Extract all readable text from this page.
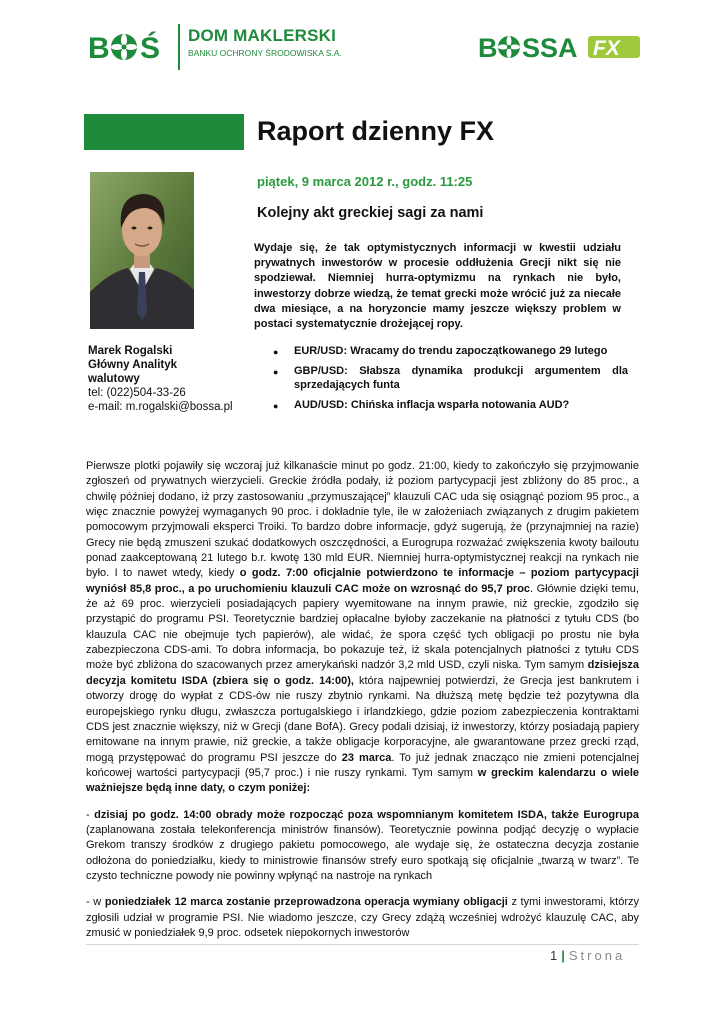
B Ś DOM MAKLERSKI
BANKU OCHRONY ŚRODOWISKA S.A.	B SSA FX
Raport dzienny FX
piątek, 9 marca 2012 r., godz. 11:25
Kolejny akt greckiej sagi za nami
Marek Rogalski
Główny Analityk
walutowy
tel: (022)504-33-26
e-mail: m.rogalski@bossa.pl
Wydaje się, że tak optymistycznych informacji w kwestii udziału prywatnych inwestorów w procesie oddłużenia Grecji nikt się nie spodziewał. Niemniej hurra-optymizmu na rynkach nie było, inwestorzy dobrze wiedzą, że temat grecki może wrócić już za niecałe dwa miesiące, a na horyzoncie mamy jeszcze większy problem w postaci systematycznie drożejącej ropy.
● EUR/USD: Wracamy do trendu zapoczątkowanego 29 lutego
● GBP/USD: Słabsza dynamika produkcji argumentem dla sprzedających funta
● AUD/USD: Chińska inflacja wsparła notowania AUD?

Pierwsze plotki pojawiły się wczoraj już kilkanaście minut po godz. 21:00, kiedy to zakończyło się przyjmowanie zgłoszeń od prywatnych wierzycieli. Greckie źródła podały, iż poziom partycypacji jest zbliżony do 85 proc., a chwilę później dodano, iż przy zastosowaniu „przymuszającej” klauzuli CAC uda się osiągnąć poziom 95 proc., a więc znacznie powyżej wymaganych 90 proc. i dokładnie tyle, ile w założeniach związanych z drugim pakietem pomocowym przyjmowali eksperci Troiki. To bardzo dobre informacje, gdyż sugerują, że (przynajmniej na razie) Grecy nie będą zmuszeni szukać dodatkowych oszczędności, a Eurogrupa rozważać zwiększenia kwoty bailoutu ponad zaakceptowaną 21 lutego b.r. kwotę 130 mld EUR. Niemniej hurra-optymistycznej reakcji na rynkach nie było. I to nawet wtedy, kiedy o godz. 7:00 oficjalnie potwierdzono te informacje – poziom partycypacji wyniósł 85,8 proc., a po uruchomieniu klauzuli CAC może on wzrosnąć do 95,7 proc. Głównie dzięki temu, że aż 69 proc. wierzycieli posiadających papiery wyemitowane na innym prawie, niż greckie, zgodziło się przystąpić do programu PSI. Teoretycznie bardziej opłacalne byłoby zaczekanie na płatności z tytułu CDS (bo klauzula CAC nie obejmuje tych papierów), ale widać, że spora część tych obligacji po prostu nie była zabezpieczona CDS-ami. To dobra informacja, bo pokazuje też, iż skala potencjalnych płatności z tytułu CDS może być zbliżona do szacowanych przez amerykański nadzór 3,2 mld USD, czyli niska. Tym samym dzisiejsza decyzja komitetu ISDA (zbiera się o godz. 14:00), która najpewniej potwierdzi, że Grecja jest bankrutem i otworzy drogę do wypłat z CDS-ów nie ruszy zbytnio rynkami. Na dłuższą metę będzie też pozytywna dla europejskiego rynku długu, zwłaszcza portugalskiego i irlandzkiego, gdzie poziom zabezpieczenia kontraktami CDS jest znacznie większy, niż w Grecji (dane BofA). Grecy podali dzisiaj, iż inwestorzy, którzy posiadają papiery emitowane na innym prawie, niż greckie, a także obligacje korporacyjne, ale gwarantowane przez grecki rząd, mogą przystępować do programu PSI jeszcze do 23 marca. To już jednak znacząco nie zmieni potencjalnej końcowej wartości partycypacji (95,7 proc.) i nie ruszy rynkami. Tym samym w greckim kalendarzu o wiele ważniejsze będą inne daty, o czym poniżej:

- dzisiaj po godz. 14:00 obrady może rozpocząć poza wspomnianym komitetem ISDA, także Eurogrupa (zaplanowana została telekonferencja ministrów finansów). Teoretycznie powinna podjąć decyzję o wypłacie Grekom transzy środków z drugiego pakietu pomocowego, ale wydaje się, że ostateczna decyzja zostanie odłożona do poniedziałku, kiedy to ministrowie finansów strefy euro spotkają się oficjalnie „twarzą w twarz”. Te czysto techniczne powody nie powinny wpłynąć na nastroje na rynkach

- w poniedziałek 12 marca zostanie przeprowadzona operacja wymiany obligacji z tymi inwestorami, którzy zgłosili udział w programie PSI. Nie wiadomo jeszcze, czy Grecy zdążą wcześniej wdrożyć klauzulę CAC, aby zmusić w poniedziałek 9,9 proc. odsetek niepokornych inwestorów

1 | Strona
